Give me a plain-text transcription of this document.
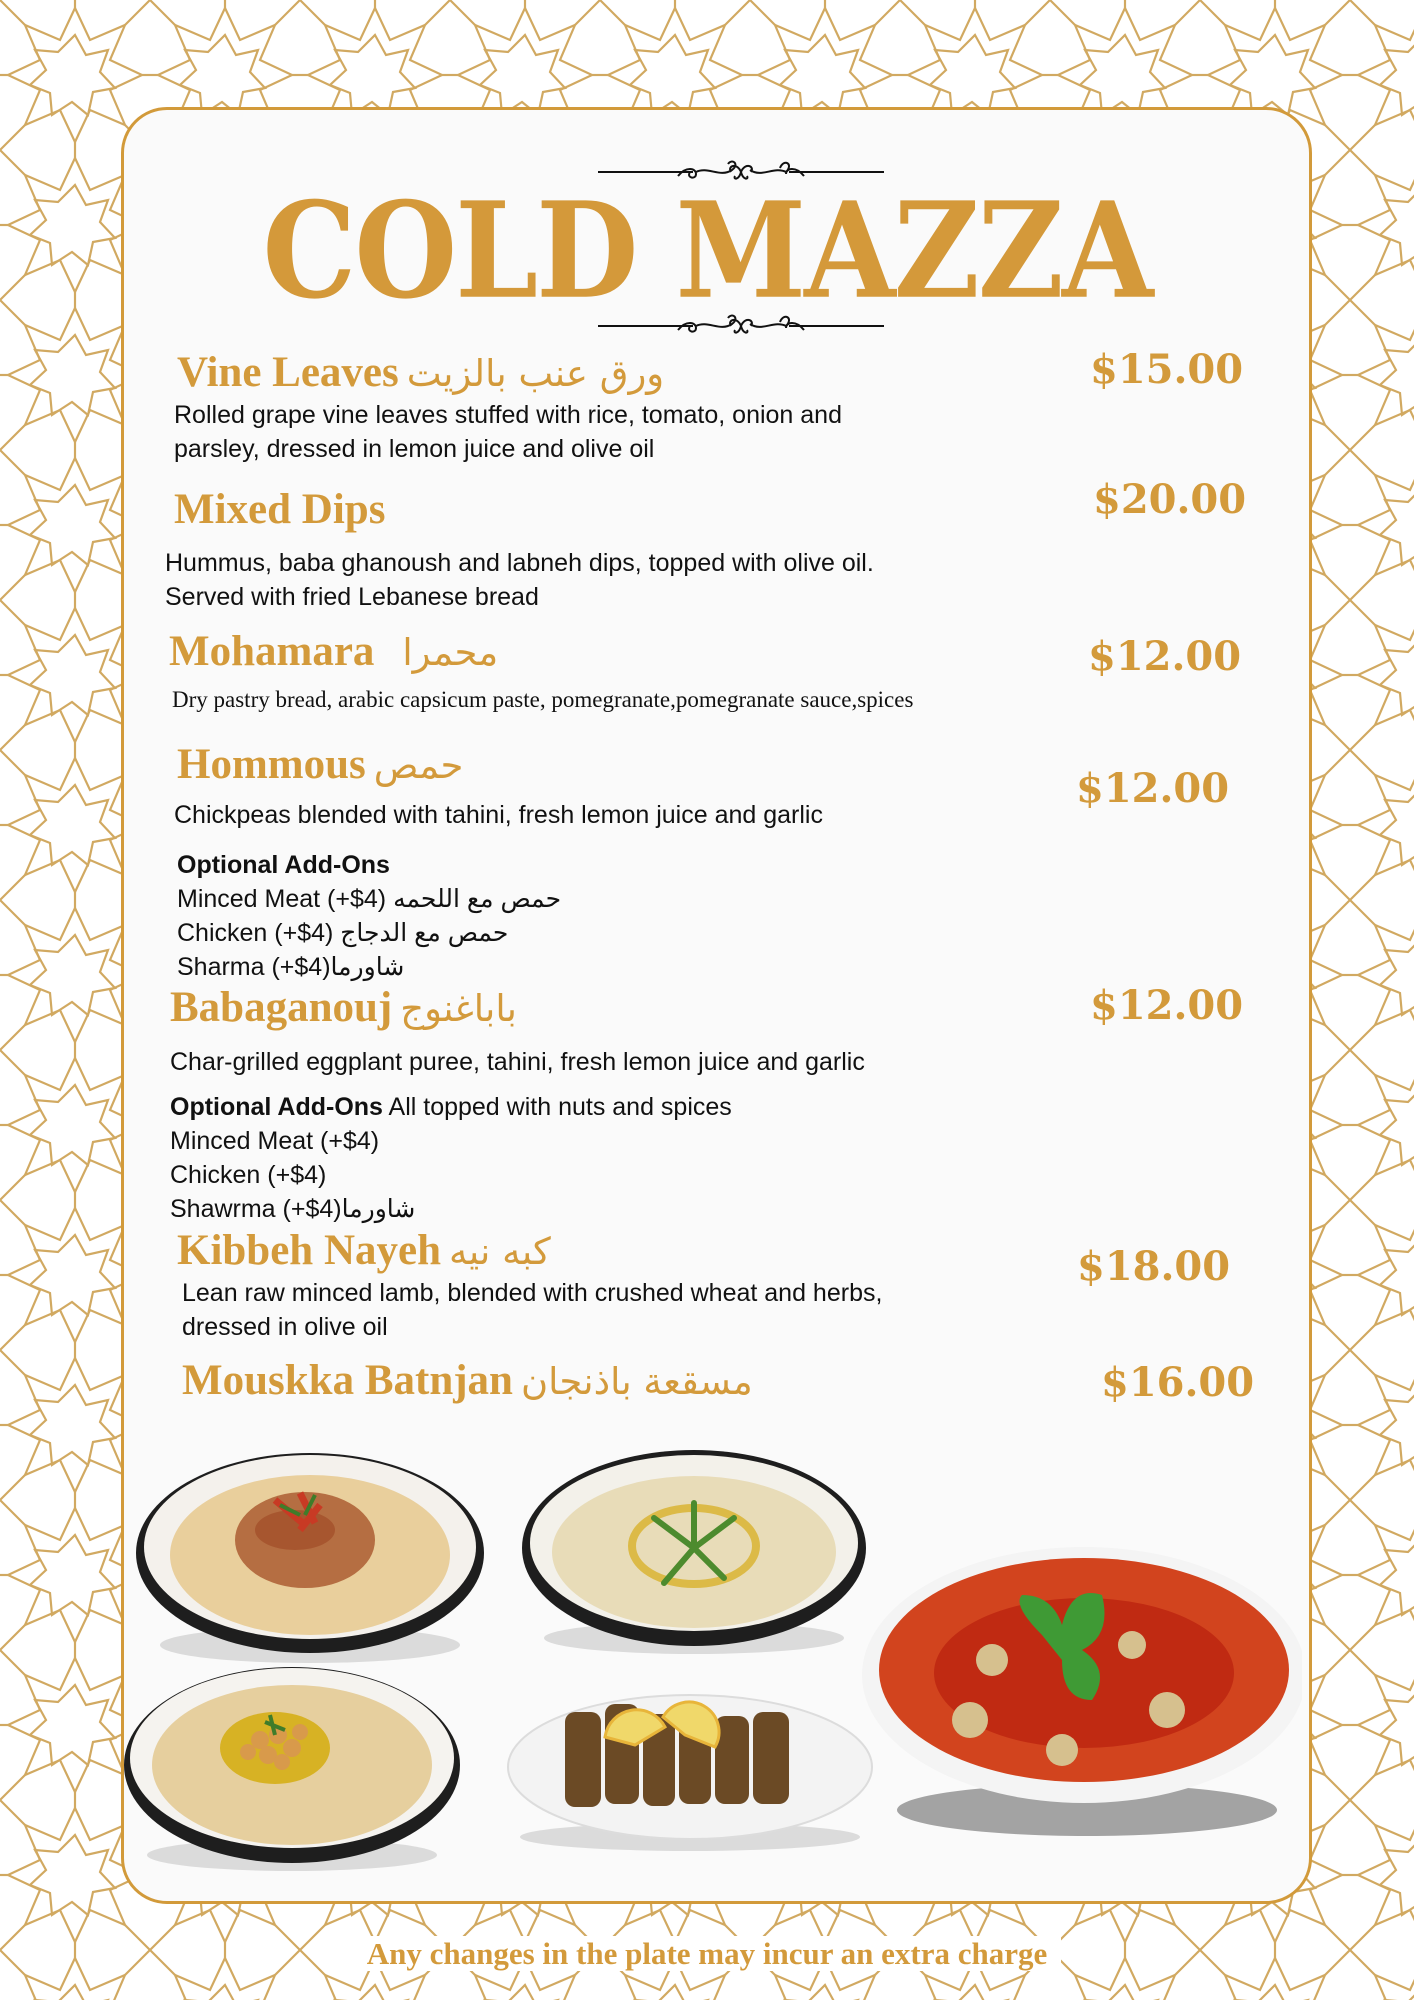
COLD MAZZA
Vine Leaves ورق عنب بالزيت	$15.00
Rolled grape vine leaves stuffed with rice, tomato, onion and
parsley, dressed in lemon juice and olive oil
Mixed Dips	$20.00
Hummus, baba ghanoush and labneh dips, topped with olive oil.
Served with fried Lebanese bread
Mohamara محمرا	$12.00
Dry pastry bread, arabic capsicum paste, pomegranate,pomegranate sauce,spices
Hommous حمص	$12.00
Chickpeas blended with tahini, fresh lemon juice and garlic
Optional Add-Ons
Minced Meat (+$4) حمص مع اللحمه
Chicken (+$4) حمص مع الدجاج
Sharma (+$4)شاورما
Babaganouj باباغنوج	$12.00
Char-grilled eggplant puree, tahini, fresh lemon juice and garlic
Optional Add-Ons All topped with nuts and spices
Minced Meat (+$4)
Chicken (+$4)
Shawrma (+$4)شاورما
Kibbeh Nayeh كبه نيه	$18.00
Lean raw minced lamb, blended with crushed wheat and herbs,
dressed in olive oil
Mouskka Batnjan مسقعة باذنجان	$16.00
Any changes in the plate may incur an extra charge
